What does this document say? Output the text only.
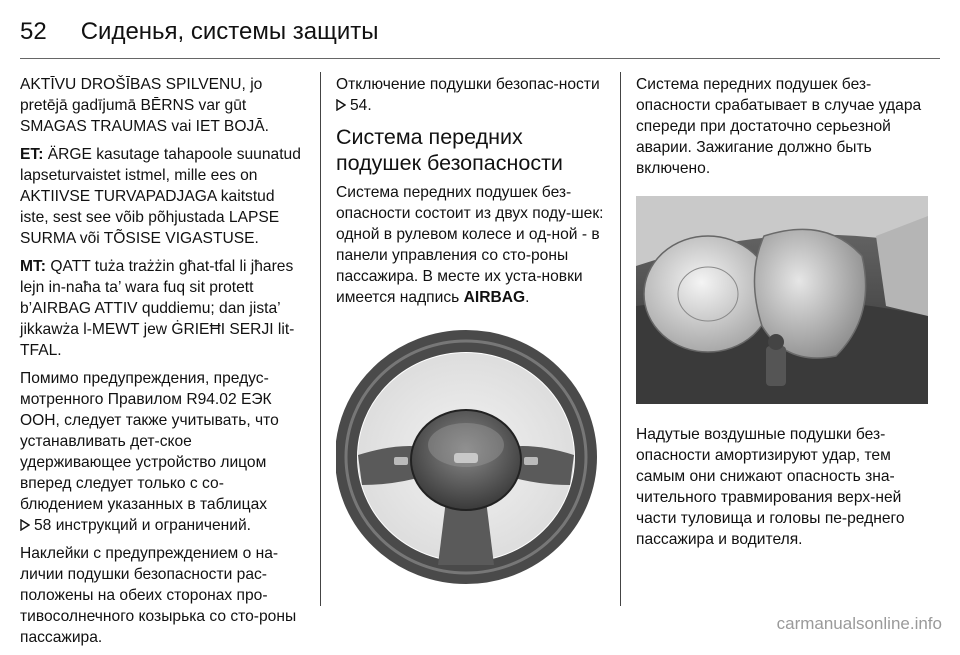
52 Сиденья, системы защиты

AKTĪVU DROŠĪBAS SPILVENU, jo pretējā gadījumā BĒRNS var gūt SMAGAS TRAUMAS vai IET BOJĀ.

ET: ÄRGE kasutage tahapoole suunatud lapseturvaistet istmel, mille ees on AKTIIVSE TURVAPADJAGA kaitstud iste, sest see võib põhjustada LAPSE SURMA või TÕSISE VIGASTUSE.

MT: QATT tuża trażżin għat-tfal li jħares lejn in-naħa ta’ wara fuq sit protett b’AIRBAG ATTIV quddiemu; dan jista’ jikkawża l-MEWT jew ĠRIEĦI SERJI lit-TFAL.

Помимо предупреждения, предус-мотренного Правилом R94.02 ЕЭК ООН, следует также учитывать, что устанавливать дет-ское удерживающее устройство лицом вперед следует только с со-блюдением указанных в таблицах
58 инструкций и ограничений.

Наклейки с предупреждением о на-личии подушки безопасности рас-положены на обеих сторонах про-тивосолнечного козырька со сто-роны пассажира.

Отключение подушки безопас-ности 54.

Система передних подушек безопасности

Система передних подушек без-опасности состоит из двух поду-шек: одной в рулевом колесе и од-ной - в панели управления со сто-роны пассажира. В месте их уста-новки имеется надпись AIRBAG.

Система передних подушек без-опасности срабатывает в случае удара спереди при достаточно серьезной аварии. Зажигание должно быть включено.

Надутые воздушные подушки без-опасности амортизируют удар, тем самым они снижают опасность зна-чительного травмирования верх-ней части туловища и головы пе-реднего пассажира и водителя.

carmanualsonline.info
